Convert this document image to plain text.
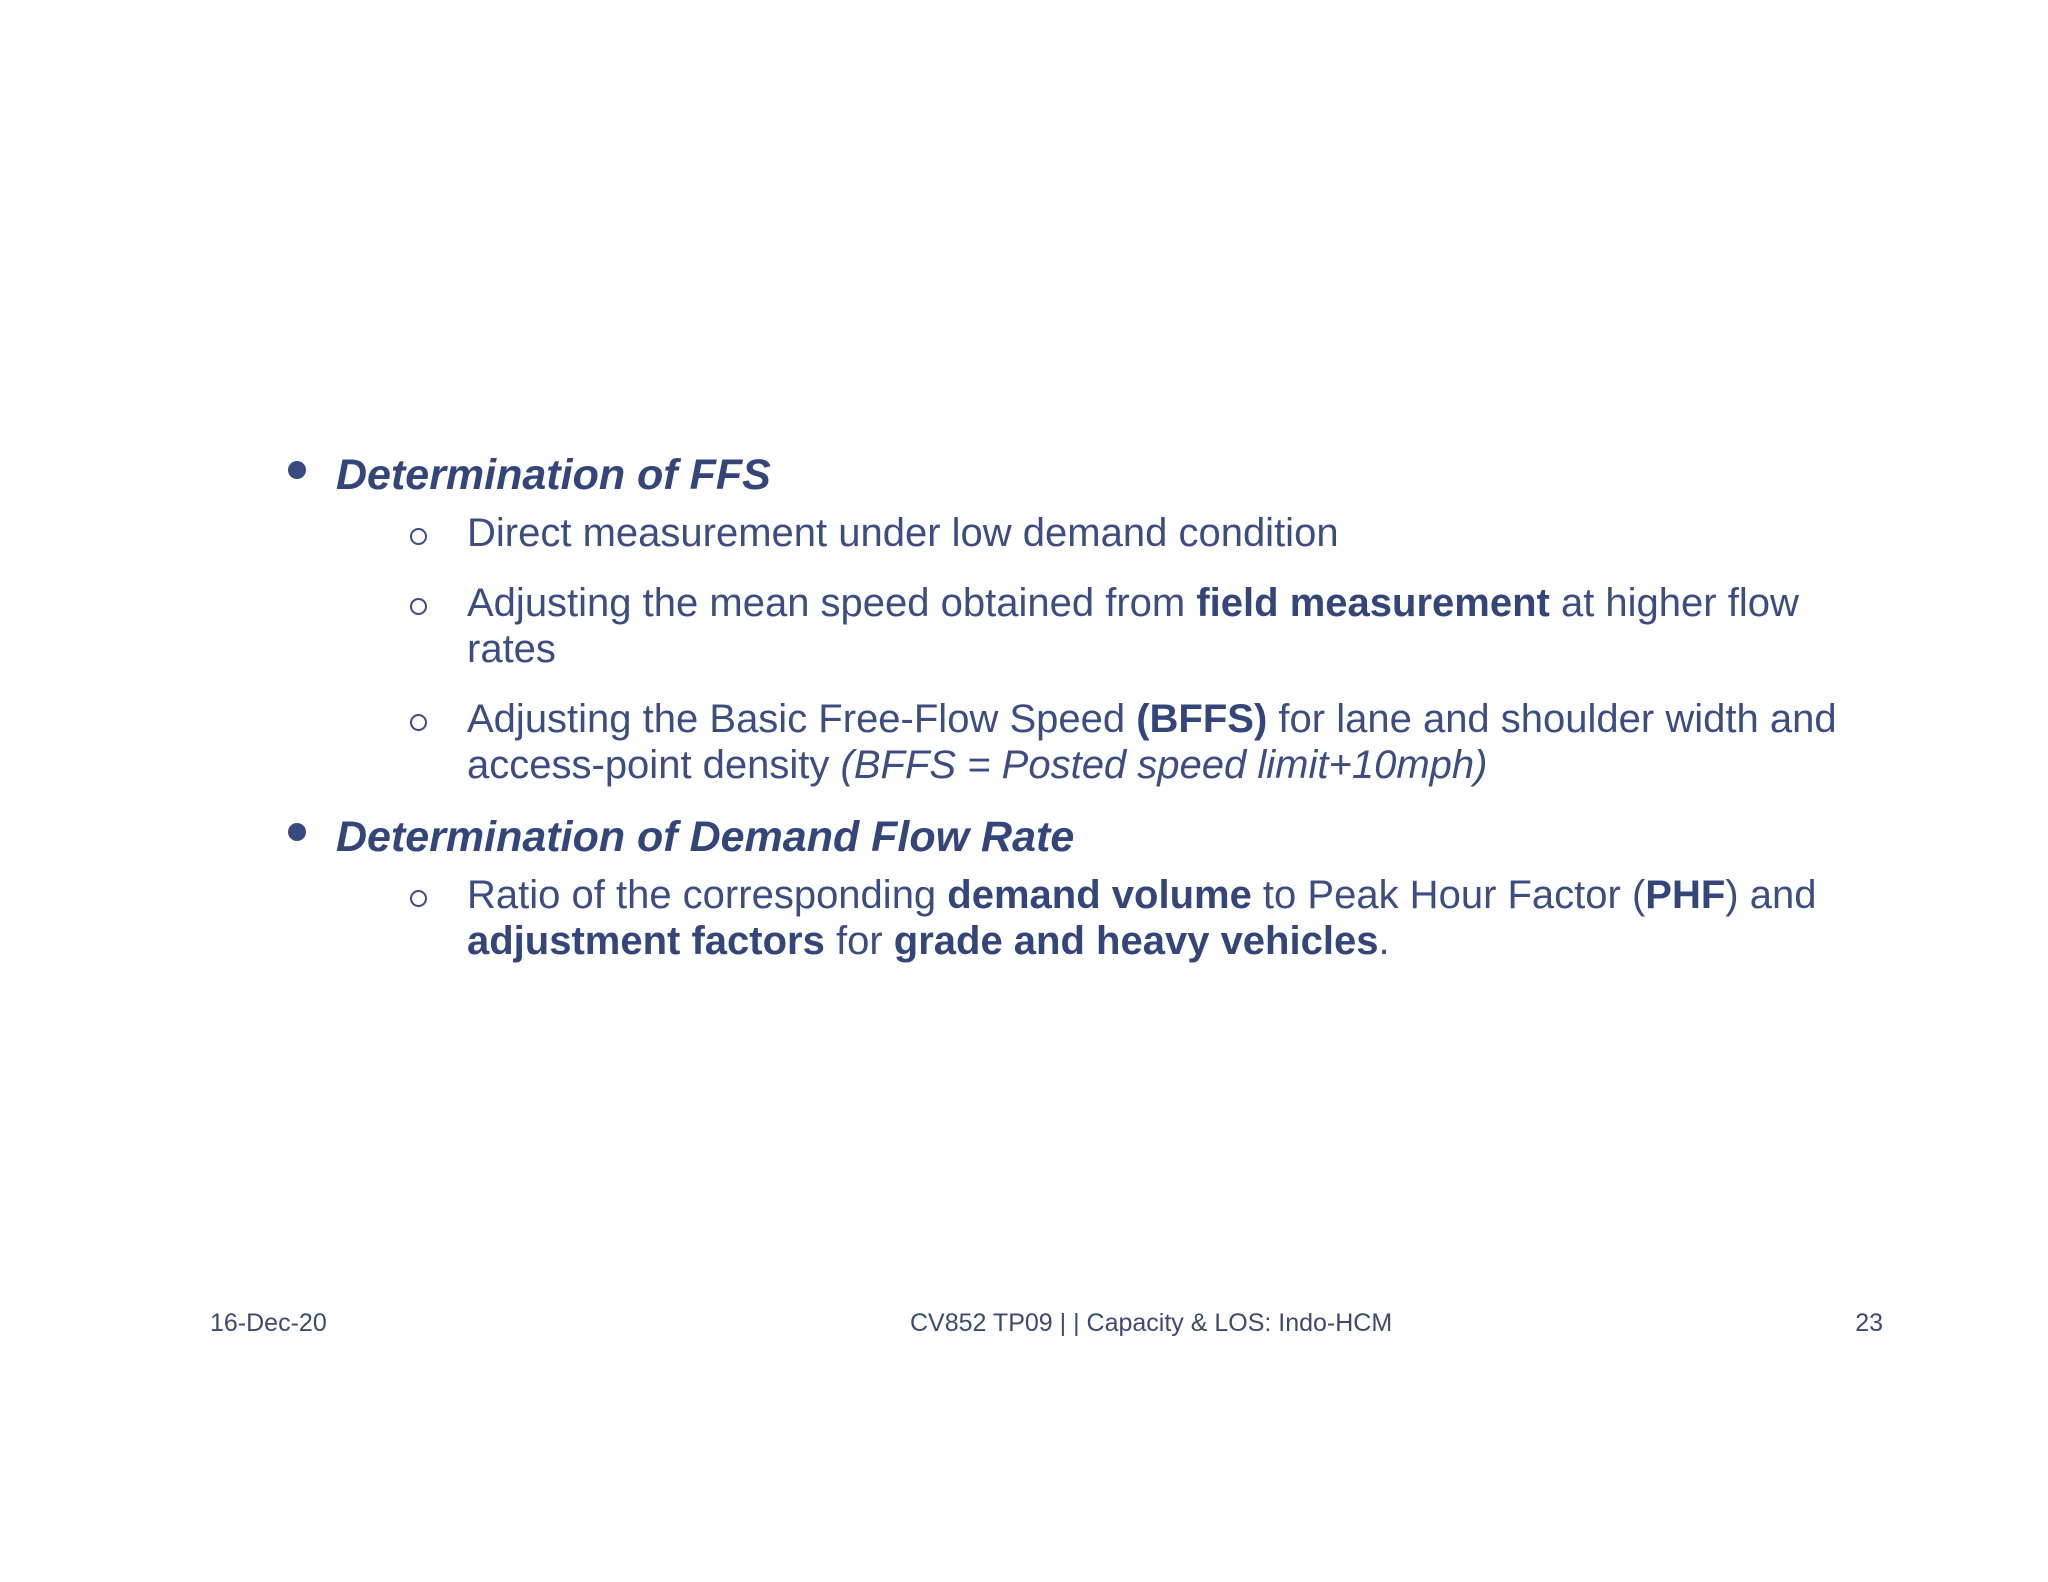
Determination of FFS
Direct measurement under low demand condition
Adjusting the mean speed obtained from field measurement at higher flow rates
Adjusting the Basic Free-Flow Speed (BFFS) for lane and shoulder width and access-point density (BFFS = Posted speed limit+10mph)
Determination of Demand Flow Rate
Ratio of the corresponding demand volume to Peak Hour Factor (PHF) and adjustment factors for grade and heavy vehicles.
16-Dec-20	CV852 TP09 | | Capacity & LOS: Indo-HCM	23
